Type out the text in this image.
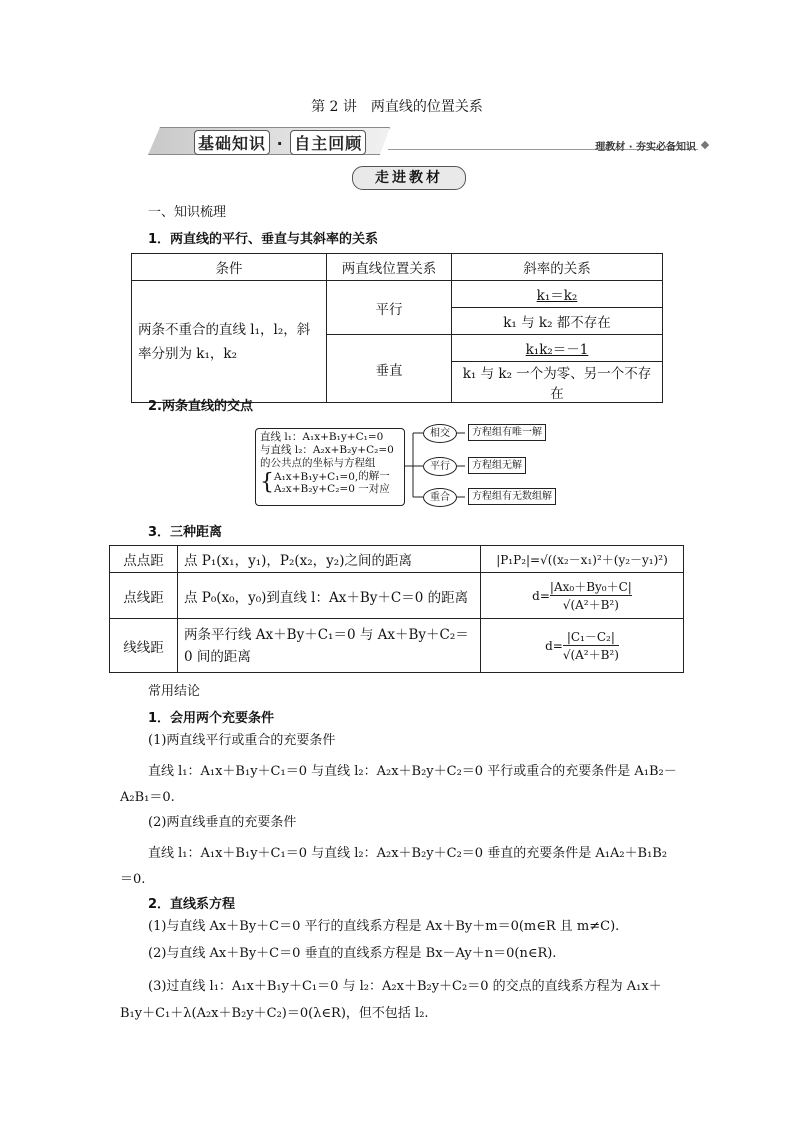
第 2 讲　两直线的位置关系
基础知识 · 自主回顾	理教材 · 夯实必备知识
走进教材
一、知识梳理
1．两直线的平行、垂直与其斜率的关系
条件	两直线位置关系	斜率的关系
两条不重合的直线 l₁，l₂，斜率分别为 k₁，k₂	平行	k₁＝k₂
		k₁ 与 k₂ 都不存在
	垂直	k₁k₂＝－1
		k₁ 与 k₂ 一个为零、另一个不存在
2.两条直线的交点
直线 l₁：A₁x+B₁y+C₁=0
与直线 l₂：A₂x+B₂y+C₂=0
的公共点的坐标与方程组
{ A₁x+B₁y+C₁=0,
A₂x+B₂y+C₂=0
的解一一对应
相交
平行
重合
方程组有唯一解
方程组无解
方程组有无数组解
3．三种距离
点点距	点 P₁(x₁，y₁)，P₂(x₂，y₂)之间的距离	|P₁P₂|=√((x₂－x₁)²＋(y₂－y₁)²)
点线距	点 P₀(x₀，y₀)到直线 l：Ax＋By＋C＝0 的距离	$d= \frac{\text{|Ax₀＋By₀＋C|}}{\text{√(A²＋B²)}}$

线线距	两条平行线 Ax＋By＋C₁＝0 与 Ax＋By＋C₂＝0 间的距离	$d= \frac{\text{|C₁－C₂|}}{\text{√(A²＋B²)}}$
常用结论
1．会用两个充要条件
(1)两直线平行或重合的充要条件
直线 l₁：A₁x＋B₁y＋C₁＝0 与直线 l₂：A₂x＋B₂y＋C₂＝0 平行或重合的充要条件是 A₁B₂－A₂B₁＝0.
(2)两直线垂直的充要条件
直线 l₁：A₁x＋B₁y＋C₁＝0 与直线 l₂：A₂x＋B₂y＋C₂＝0 垂直的充要条件是 A₁A₂＋B₁B₂＝0.
2．直线系方程
(1)与直线 Ax＋By＋C＝0 平行的直线系方程是 Ax＋By＋m＝0(m∈R 且 m≠C).
(2)与直线 Ax＋By＋C＝0 垂直的直线系方程是 Bx－Ay＋n＝0(n∈R).
(3)过直线 l₁：A₁x＋B₁y＋C₁＝0 与 l₂：A₂x＋B₂y＋C₂＝0 的交点的直线系方程为 A₁x＋B₁y＋C₁＋λ(A₂x＋B₂y＋C₂)＝0(λ∈R)，但不包括 l₂.
